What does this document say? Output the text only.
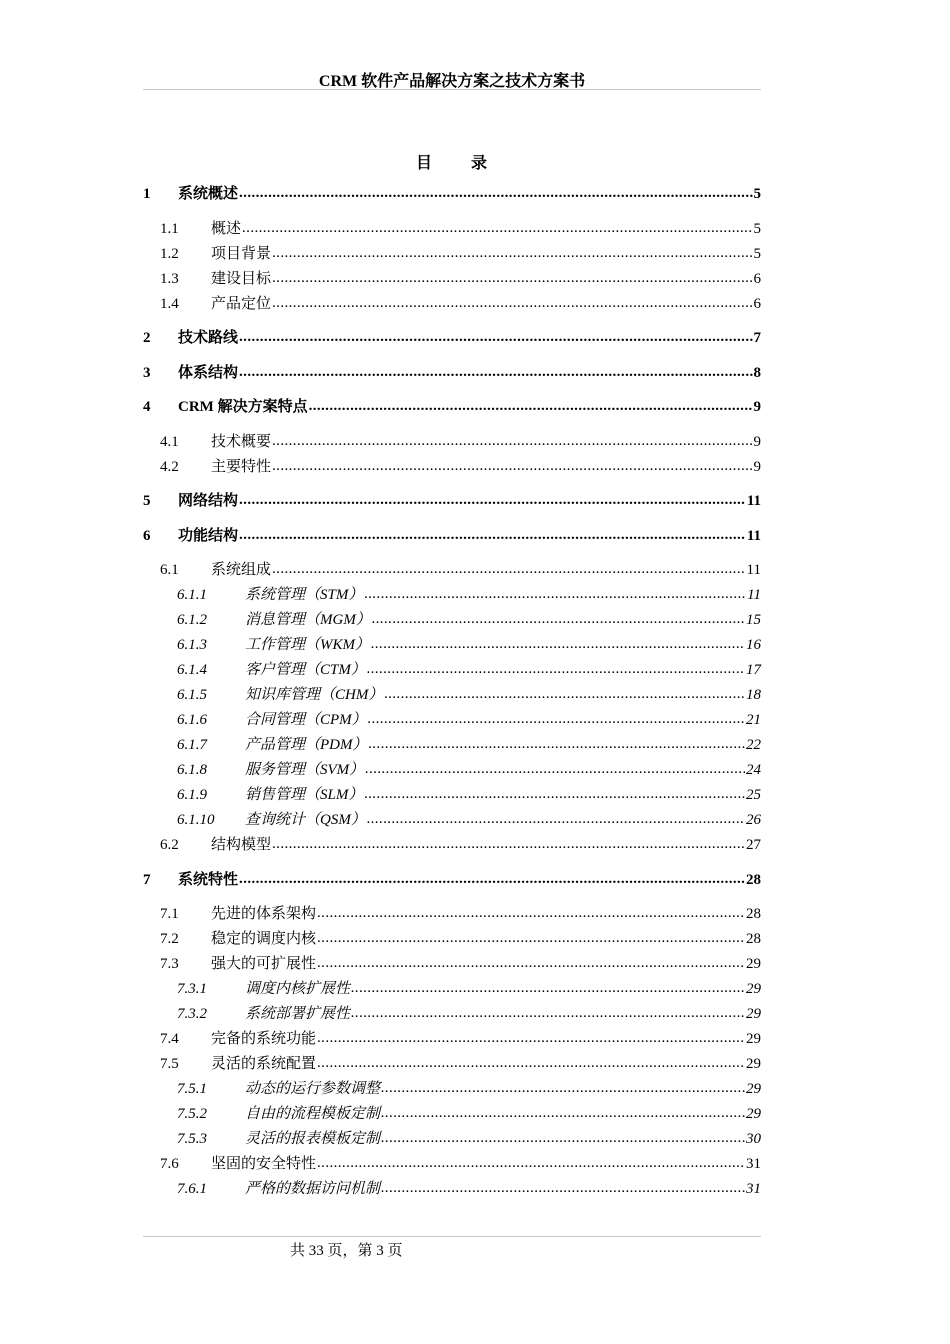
CRM 软件产品解决方案之技术方案书
目 录
1	系统概述 .....	5
1.1	概述 .....	5
1.2	项目背景 .....	5
1.3	建设目标 .....	6
1.4	产品定位 .....	6
2	技术路线 .....	7
3	体系结构 .....	8
4	CRM 解决方案特点 .....	9
4.1	技术概要 .....	9
4.2	主要特性 .....	9
5	网络结构 .....	11
6	功能结构 .....	11
6.1	系统组成 .....	11
6.1.1	系统管理（STM） .....	11
6.1.2	消息管理（MGM） .....	15
6.1.3	工作管理（WKM） .....	16
6.1.4	客户管理（CTM） .....	17
6.1.5	知识库管理（CHM） .....	18
6.1.6	合同管理（CPM） .....	21
6.1.7	产品管理（PDM） .....	22
6.1.8	服务管理（SVM） .....	24
6.1.9	销售管理（SLM） .....	25
6.1.10	查询统计（QSM） .....	26
6.2	结构模型 .....	27
7	系统特性 .....	28
7.1	先进的体系架构 .....	28
7.2	稳定的调度内核 .....	28
7.3	强大的可扩展性 .....	29
7.3.1	调度内核扩展性 .....	29
7.3.2	系统部署扩展性 .....	29
7.4	完备的系统功能 .....	29
7.5	灵活的系统配置 .....	29
7.5.1	动态的运行参数调整 .....	29
7.5.2	自由的流程模板定制 .....	29
7.5.3	灵活的报表模板定制 .....	30
7.6	坚固的安全特性 .....	31
7.6.1	严格的数据访问机制 .....	31
共 33 页，第 3 页
